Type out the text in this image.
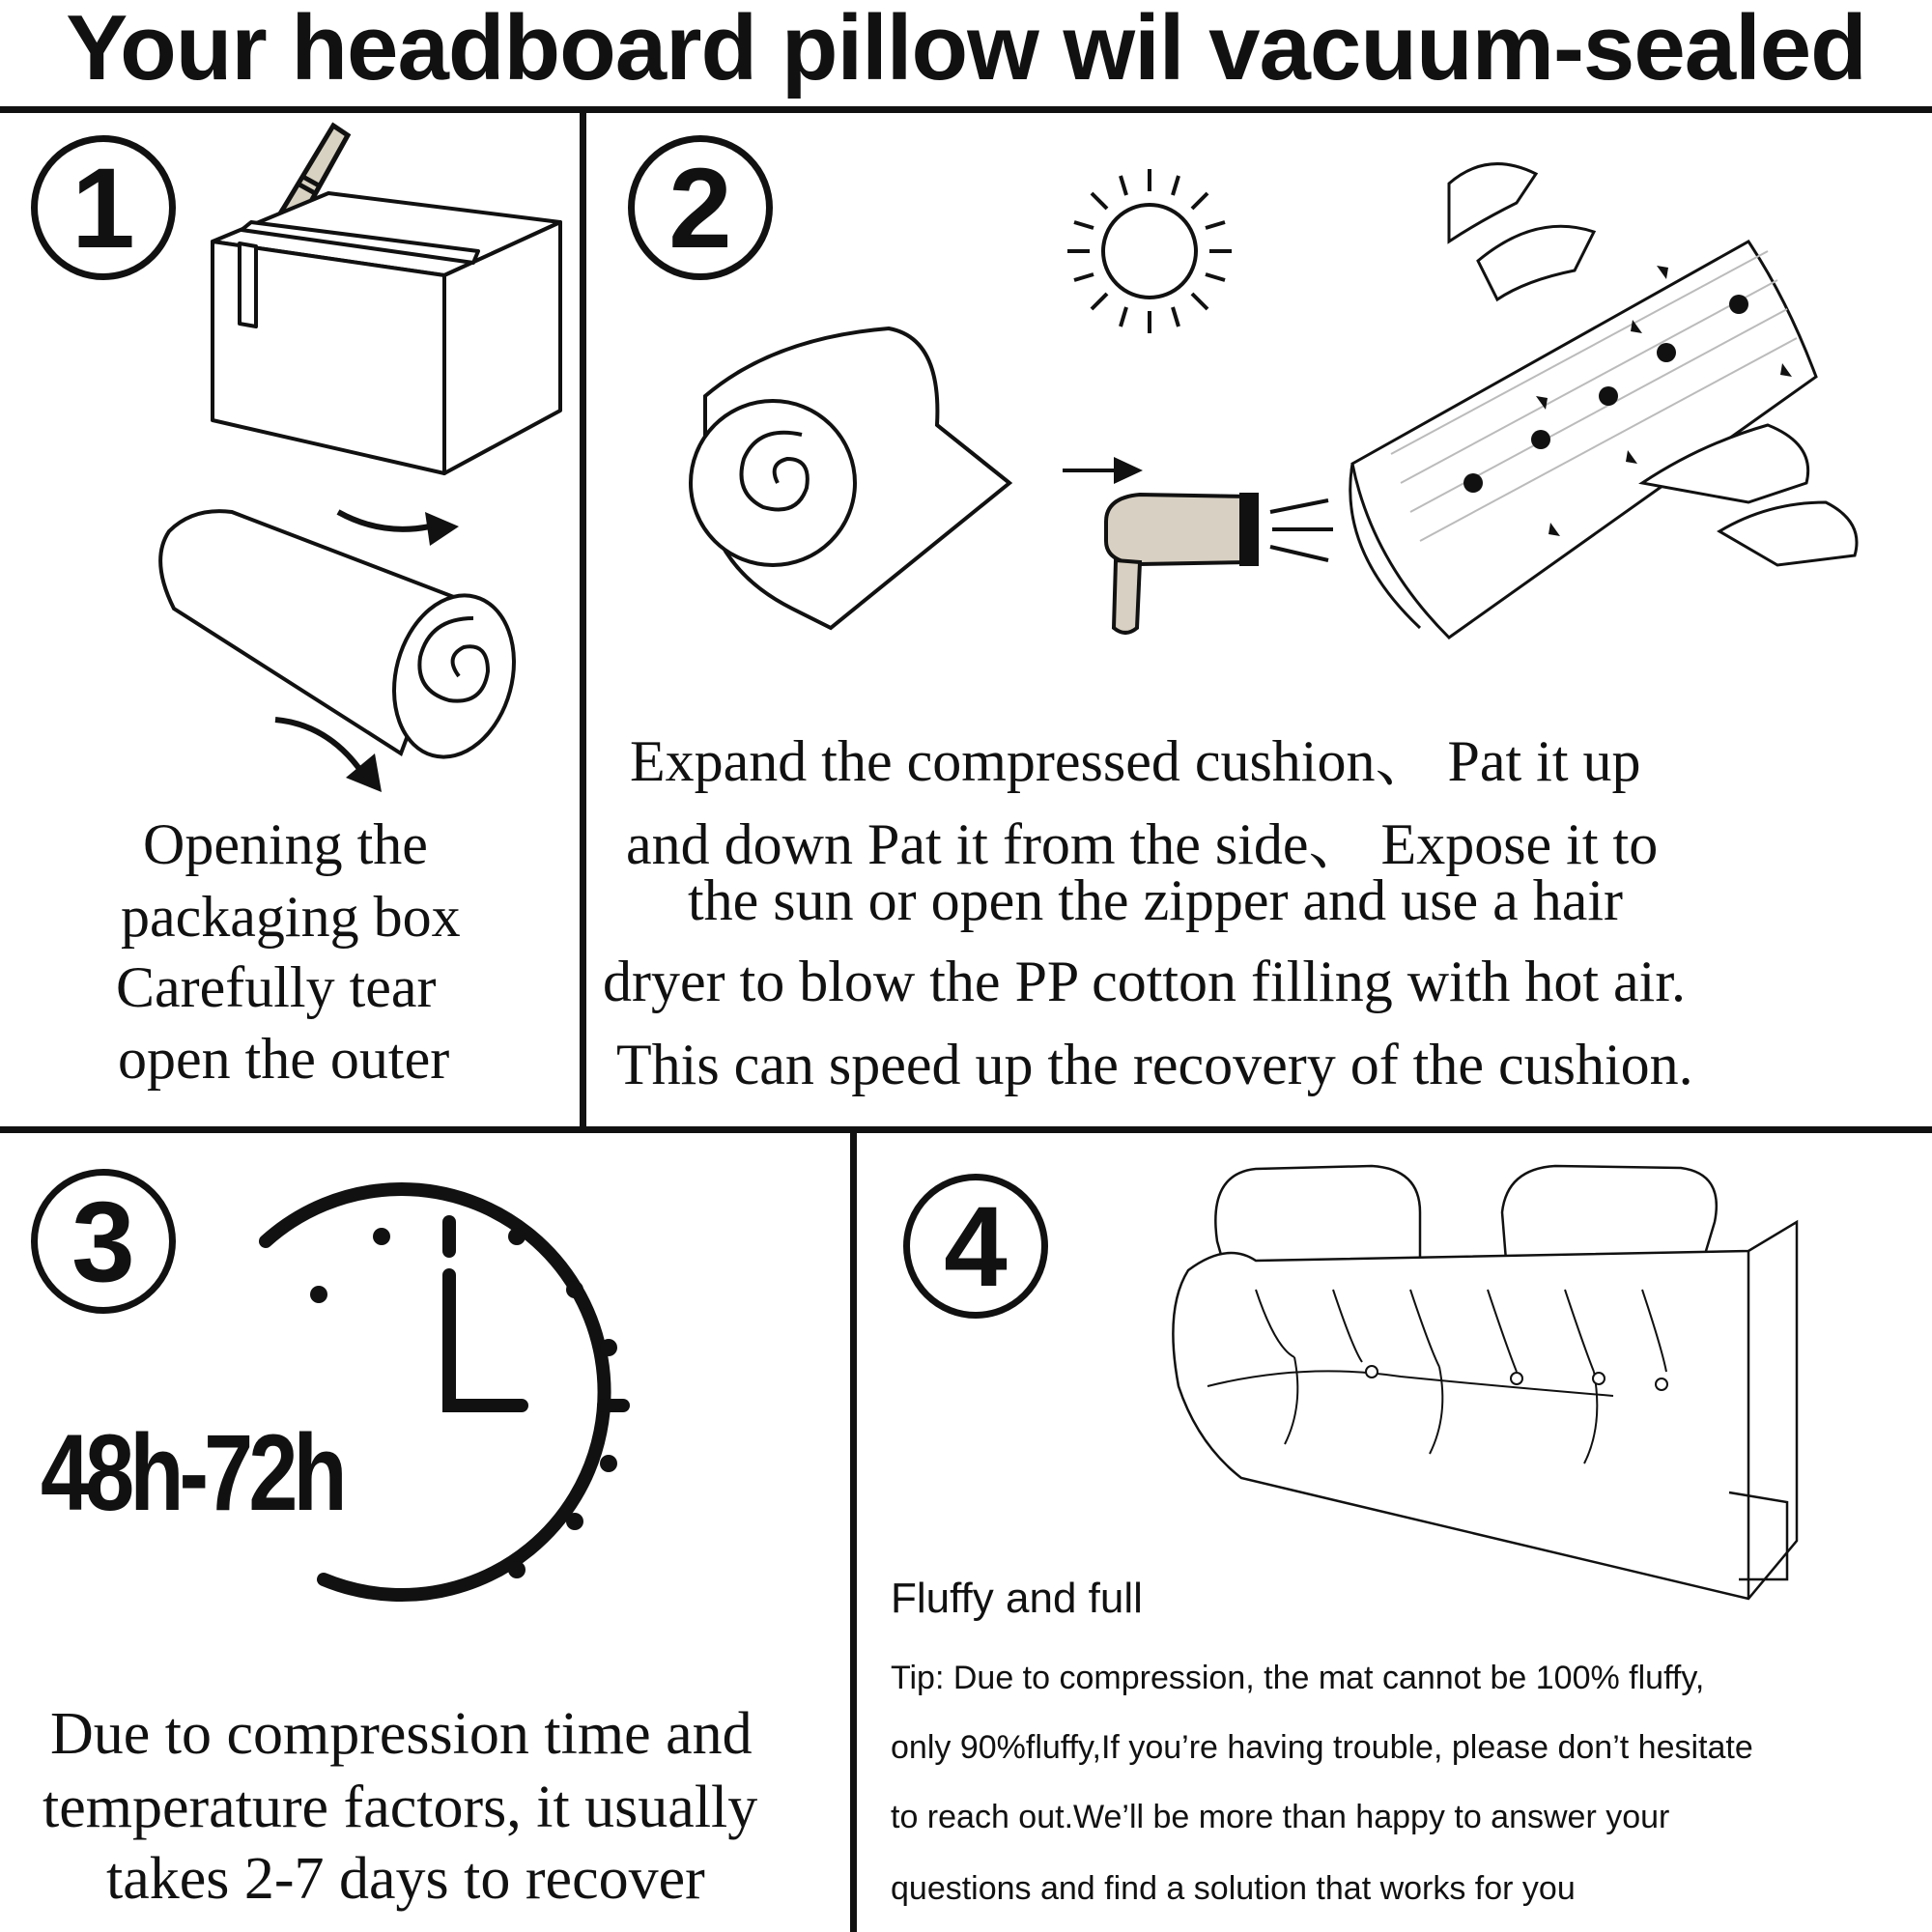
Your headboard pillow wil vacuum-sealed
1
Opening the
packaging box
Carefully tear
open the outer
2
Expand the compressed cushion、 Pat it up
and down Pat it from the side、 Expose it to
the sun or open the zipper and use a hair
dryer to blow the PP cotton filling with hot air.
This can speed up the recovery of the cushion.
3
48h-72h
Due to compression time and
temperature factors, it usually
takes 2-7 days to recover
4
Fluffy and full
Tip: Due to compression, the mat cannot be 100% fluffy,
only 90%fluffy,If you’re having trouble, please don’t hesitate
to reach out.We’ll be more than happy to answer your
questions and find a solution that works for you
